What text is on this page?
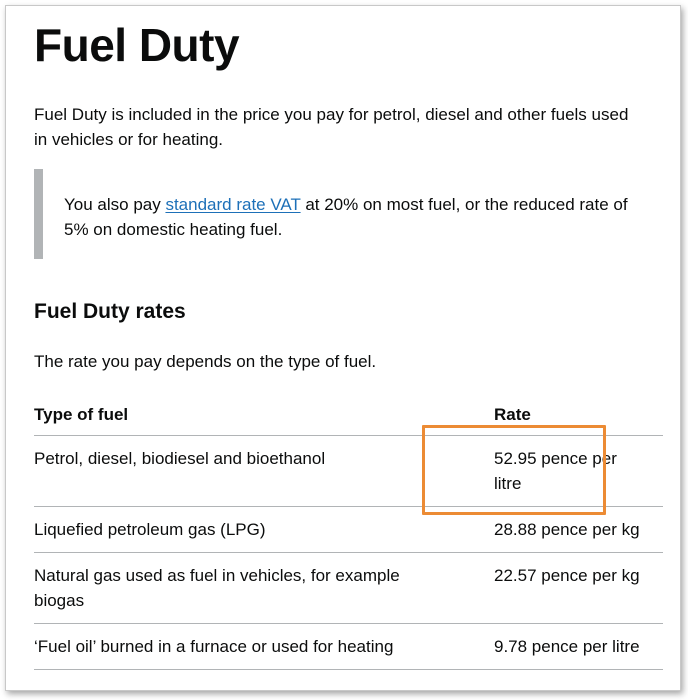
Fuel Duty

Fuel Duty is included in the price you pay for petrol, diesel and other fuels used in vehicles or for heating.

You also pay standard rate VAT at 20% on most fuel, or the reduced rate of 5% on domestic heating fuel.
Fuel Duty rates

The rate you pay depends on the type of fuel.

Type of fuel	Rate
Petrol, diesel, biodiesel and bioethanol	52.95 pence per litre
Liquefied petroleum gas (LPG)	28.88 pence per kg
Natural gas used as fuel in vehicles, for example biogas	22.57 pence per kg
‘Fuel oil’ burned in a furnace or used for heating	9.78 pence per litre
